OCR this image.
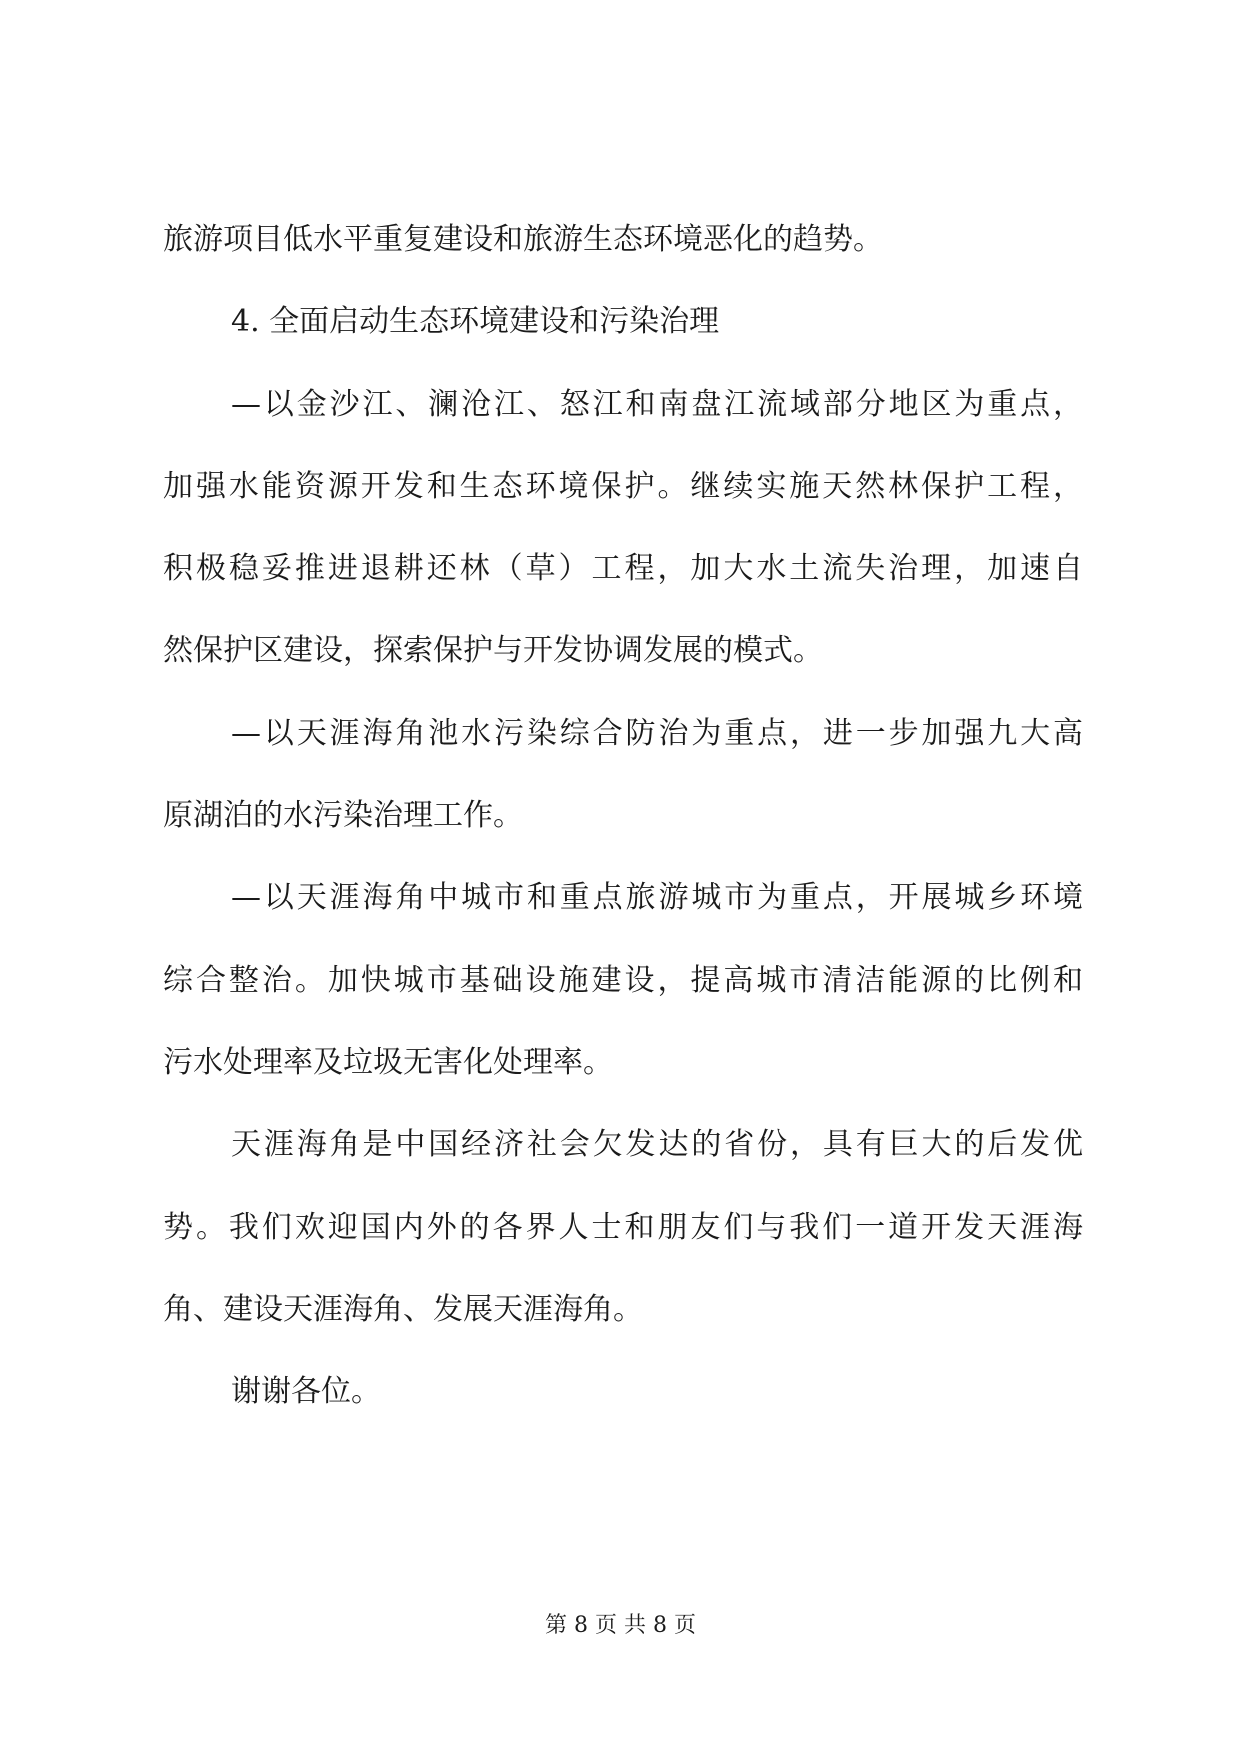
旅游项目低水平重复建设和旅游生态环境恶化的趋势。
4. 全面启动生态环境建设和污染治理
—以金沙江、澜沧江、怒江和南盘江流域部分地区为重点，
加强水能资源开发和生态环境保护。继续实施天然林保护工程，
积极稳妥推进退耕还林（草）工程，加大水土流失治理，加速自
然保护区建设，探索保护与开发协调发展的模式。
—以天涯海角池水污染综合防治为重点，进一步加强九大高
原湖泊的水污染治理工作。
—以天涯海角中城市和重点旅游城市为重点，开展城乡环境
综合整治。加快城市基础设施建设，提高城市清洁能源的比例和
污水处理率及垃圾无害化处理率。
天涯海角是中国经济社会欠发达的省份，具有巨大的后发优
势。我们欢迎国内外的各界人士和朋友们与我们一道开发天涯海
角、建设天涯海角、发展天涯海角。
谢谢各位。
第 8 页 共 8 页
